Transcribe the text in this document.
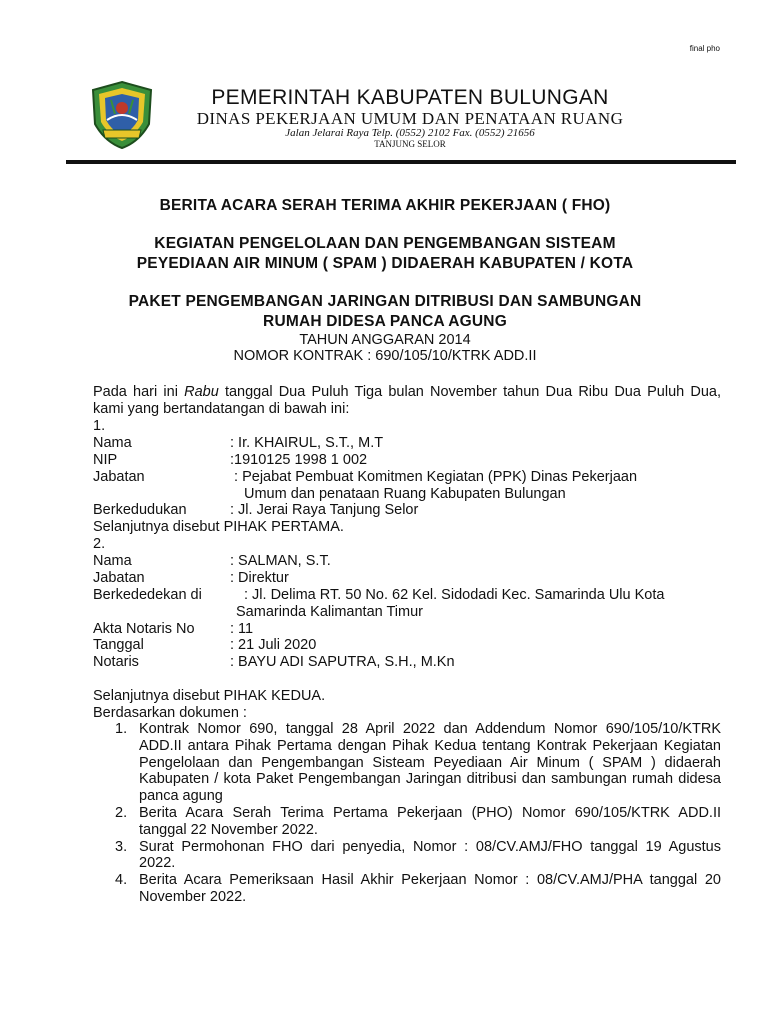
final pho
PEMERINTAH KABUPATEN BULUNGAN
DINAS PEKERJAAN UMUM DAN PENATAAN RUANG
Jalan Jelarai Raya Telp. (0552) 2102 Fax. (0552) 21656
TANJUNG SELOR
BERITA ACARA SERAH TERIMA AKHIR PEKERJAAN ( FHO)
KEGIATAN PENGELOLAAN DAN PENGEMBANGAN SISTEAM
PEYEDIAAN AIR MINUM ( SPAM ) DIDAERAH KABUPATEN / KOTA
PAKET PENGEMBANGAN JARINGAN DITRIBUSI DAN SAMBUNGAN
RUMAH DIDESA PANCA AGUNG
TAHUN ANGGARAN 2014
NOMOR KONTRAK : 690/105/10/KTRK ADD.II
Pada hari ini Rabu tanggal Dua Puluh Tiga bulan November tahun Dua Ribu Dua Puluh Dua, kami yang bertandatangan di bawah ini:
1.
Nama	: Ir. KHAIRUL, S.T., M.T
NIP	:1910125 1998 1 002
Jabatan	: Pejabat Pembuat Komitmen Kegiatan (PPK) Dinas Pekerjaan
Umum dan penataan Ruang Kabupaten Bulungan
Berkedudukan	: Jl. Jerai Raya Tanjung Selor
Selanjutnya disebut PIHAK PERTAMA.
2.
Nama	: SALMAN, S.T.
Jabatan	: Direktur
Berkededekan di	: Jl. Delima RT. 50 No. 62 Kel. Sidodadi Kec. Samarinda Ulu Kota
Samarinda Kalimantan Timur
Akta Notaris No : 11
Tanggal	: 21 Juli 2020
Notaris	: BAYU ADI SAPUTRA, S.H., M.Kn
Selanjutnya disebut PIHAK KEDUA.
Berdasarkan dokumen :
1. Kontrak Nomor 690, tanggal 28 April 2022 dan Addendum Nomor 690/105/10/KTRK ADD.II antara Pihak Pertama dengan Pihak Kedua tentang Kontrak Pekerjaan Kegiatan Pengelolaan dan Pengembangan Sisteam Peyediaan Air Minum ( SPAM ) didaerah Kabupaten / kota Paket Pengembangan Jaringan ditribusi dan sambungan rumah didesa panca agung
2. Berita Acara Serah Terima Pertama Pekerjaan (PHO) Nomor 690/105/KTRK ADD.II tanggal 22 November 2022.
3. Surat Permohonan FHO dari penyedia, Nomor : 08/CV.AMJ/FHO tanggal 19 Agustus 2022.
4. Berita Acara Pemeriksaan Hasil Akhir Pekerjaan Nomor : 08/CV.AMJ/PHA tanggal 20 November 2022.
